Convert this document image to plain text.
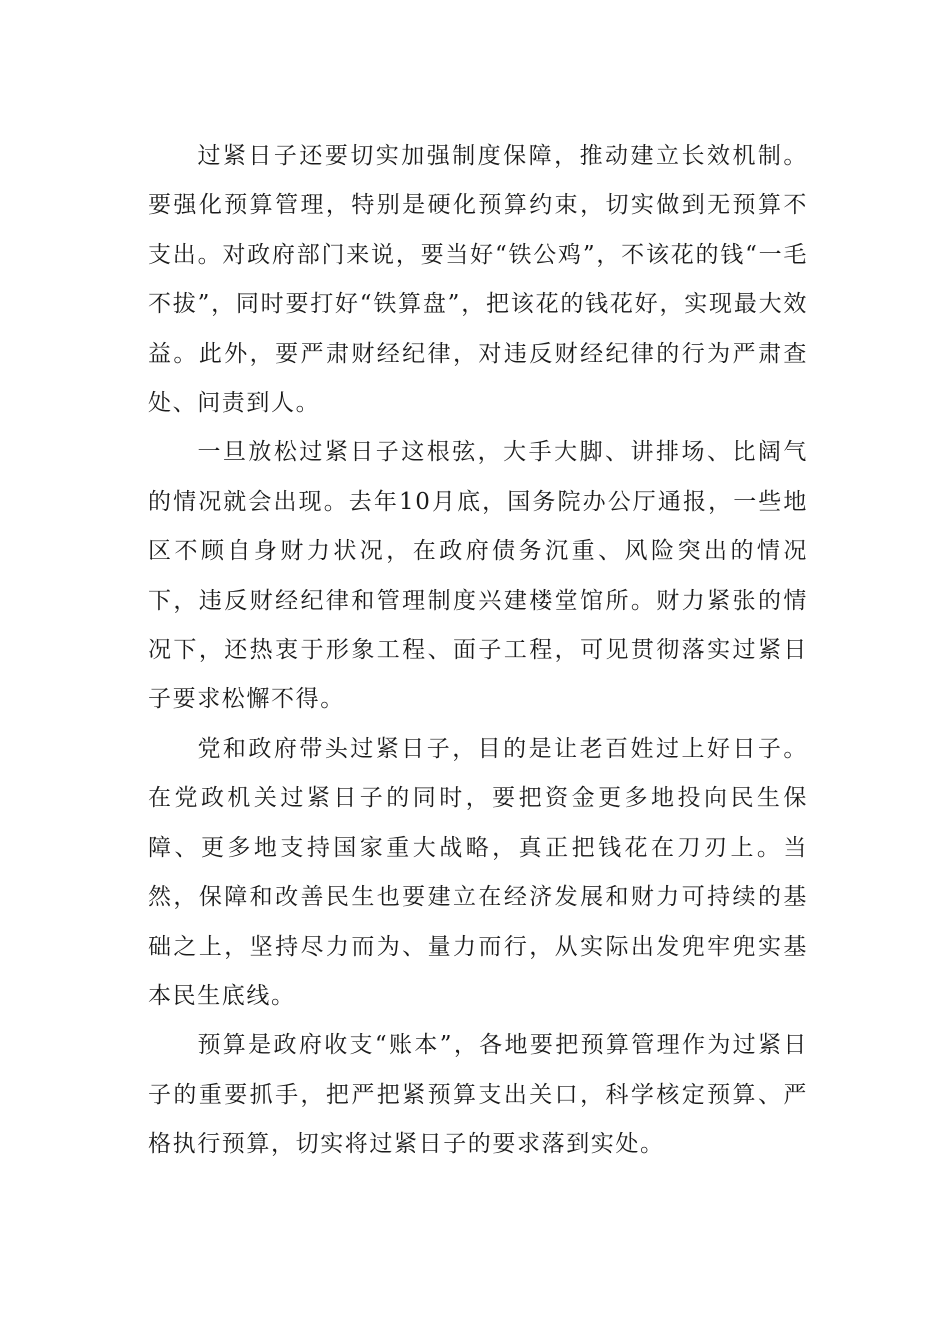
过紧日子还要切实加强制度保障，推动建立长效机制。要强化预算管理，特别是硬化预算约束，切实做到无预算不支出。对政府部门来说，要当好“铁公鸡”，不该花的钱“一毛不拔”，同时要打好“铁算盘”，把该花的钱花好，实现最大效益。此外，要严肃财经纪律，对违反财经纪律的行为严肃查处、问责到人。

一旦放松过紧日子这根弦，大手大脚、讲排场、比阔气的情况就会出现。去年10月底，国务院办公厅通报，一些地区不顾自身财力状况，在政府债务沉重、风险突出的情况下，违反财经纪律和管理制度兴建楼堂馆所。财力紧张的情况下，还热衷于形象工程、面子工程，可见贯彻落实过紧日子要求松懈不得。

党和政府带头过紧日子，目的是让老百姓过上好日子。在党政机关过紧日子的同时，要把资金更多地投向民生保障、更多地支持国家重大战略，真正把钱花在刀刃上。当然，保障和改善民生也要建立在经济发展和财力可持续的基础之上，坚持尽力而为、量力而行，从实际出发兜牢兜实基本民生底线。

预算是政府收支“账本”，各地要把预算管理作为过紧日子的重要抓手，把严把紧预算支出关口，科学核定预算、严格执行预算，切实将过紧日子的要求落到实处。
